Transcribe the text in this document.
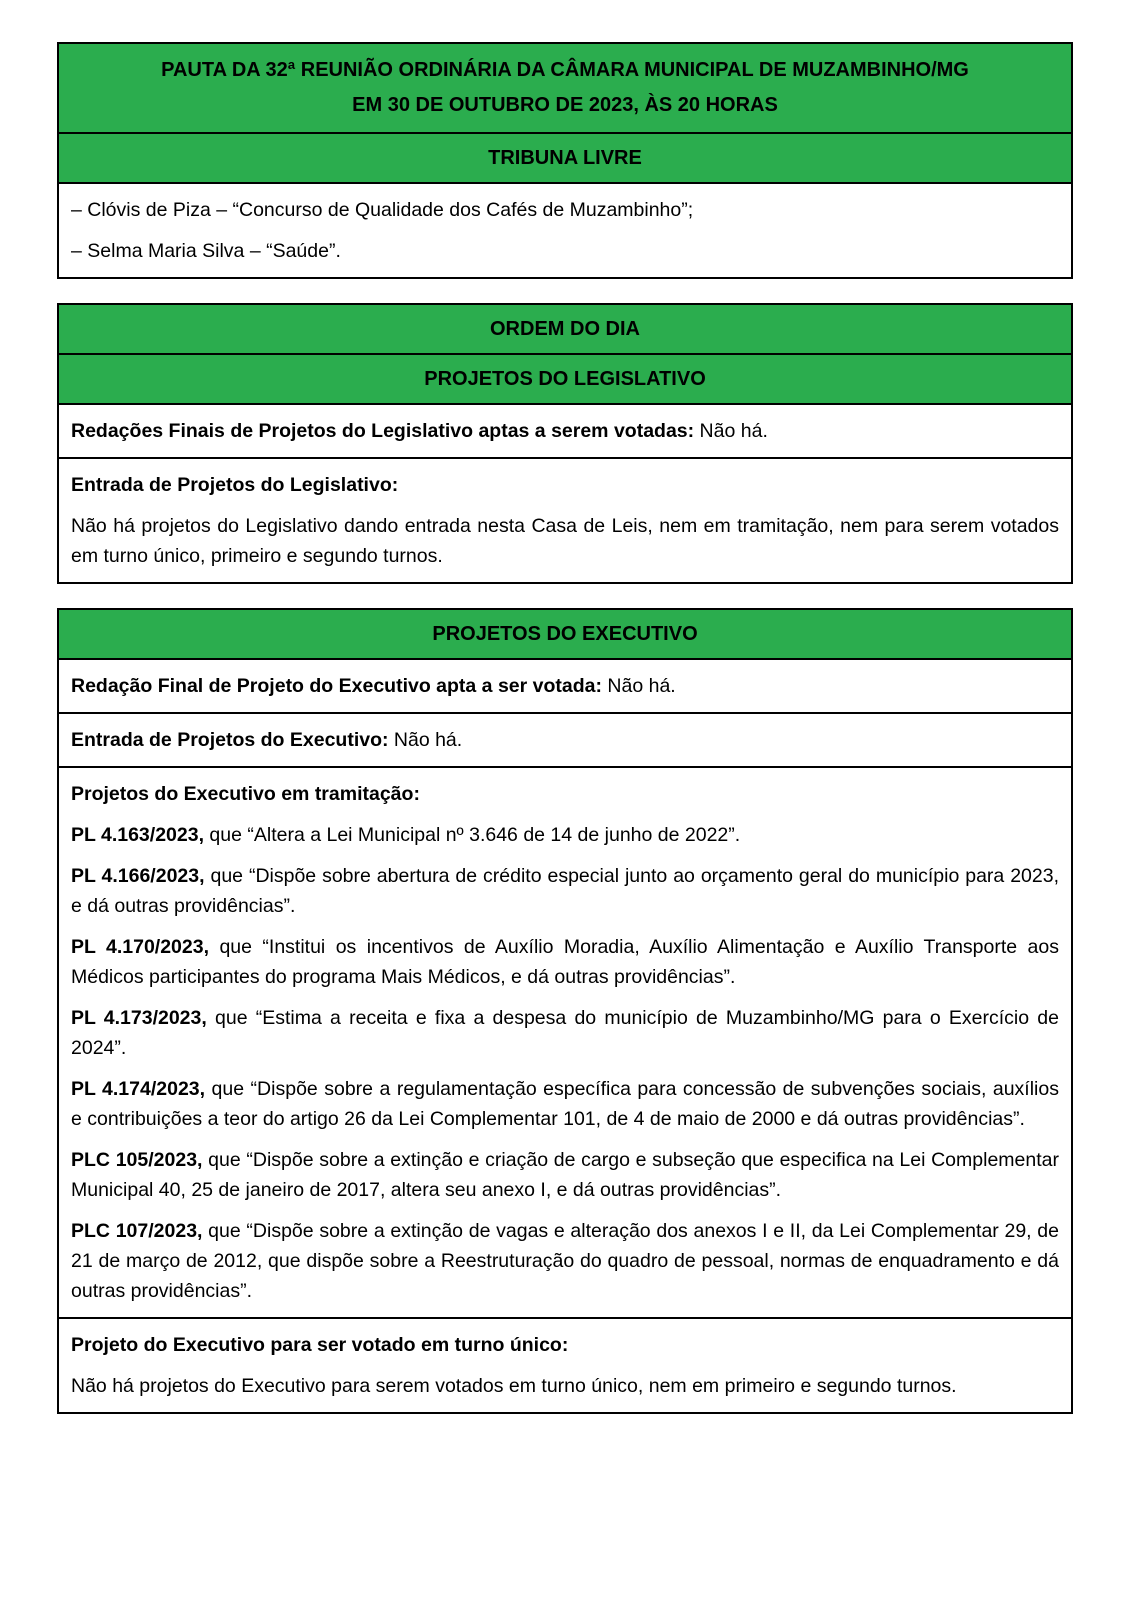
PAUTA DA 32ª REUNIÃO ORDINÁRIA DA CÂMARA MUNICIPAL DE MUZAMBINHO/MG
EM 30 DE OUTUBRO DE 2023, ÀS 20 HORAS
TRIBUNA LIVRE

– Clóvis de Piza – “Concurso de Qualidade dos Cafés de Muzambinho”;

– Selma Maria Silva – “Saúde”.

ORDEM DO DIA
PROJETOS DO LEGISLATIVO

Redações Finais de Projetos do Legislativo aptas a serem votadas: Não há.

Entrada de Projetos do Legislativo:

Não há projetos do Legislativo dando entrada nesta Casa de Leis, nem em tramitação, nem para serem votados em turno único, primeiro e segundo turnos.

PROJETOS DO EXECUTIVO

Redação Final de Projeto do Executivo apta a ser votada: Não há.

Entrada de Projetos do Executivo: Não há.

Projetos do Executivo em tramitação:

PL 4.163/2023, que “Altera a Lei Municipal nº 3.646 de 14 de junho de 2022”.

PL 4.166/2023, que “Dispõe sobre abertura de crédito especial junto ao orçamento geral do município para 2023, e dá outras providências”.

PL 4.170/2023, que “Institui os incentivos de Auxílio Moradia, Auxílio Alimentação e Auxílio Transporte aos Médicos participantes do programa Mais Médicos, e dá outras providências”.

PL 4.173/2023, que “Estima a receita e fixa a despesa do município de Muzambinho/MG para o Exercício de 2024”.

PL 4.174/2023, que “Dispõe sobre a regulamentação específica para concessão de subvenções sociais, auxílios e contribuições a teor do artigo 26 da Lei Complementar 101, de 4 de maio de 2000 e dá outras providências”.

PLC 105/2023, que “Dispõe sobre a extinção e criação de cargo e subseção que especifica na Lei Complementar Municipal 40, 25 de janeiro de 2017, altera seu anexo I, e dá outras providências”.

PLC 107/2023, que “Dispõe sobre a extinção de vagas e alteração dos anexos I e II, da Lei Complementar 29, de 21 de março de 2012, que dispõe sobre a Reestruturação do quadro de pessoal, normas de enquadramento e dá outras providências”.

Projeto do Executivo para ser votado em turno único:

Não há projetos do Executivo para serem votados em turno único, nem em primeiro e segundo turnos.
